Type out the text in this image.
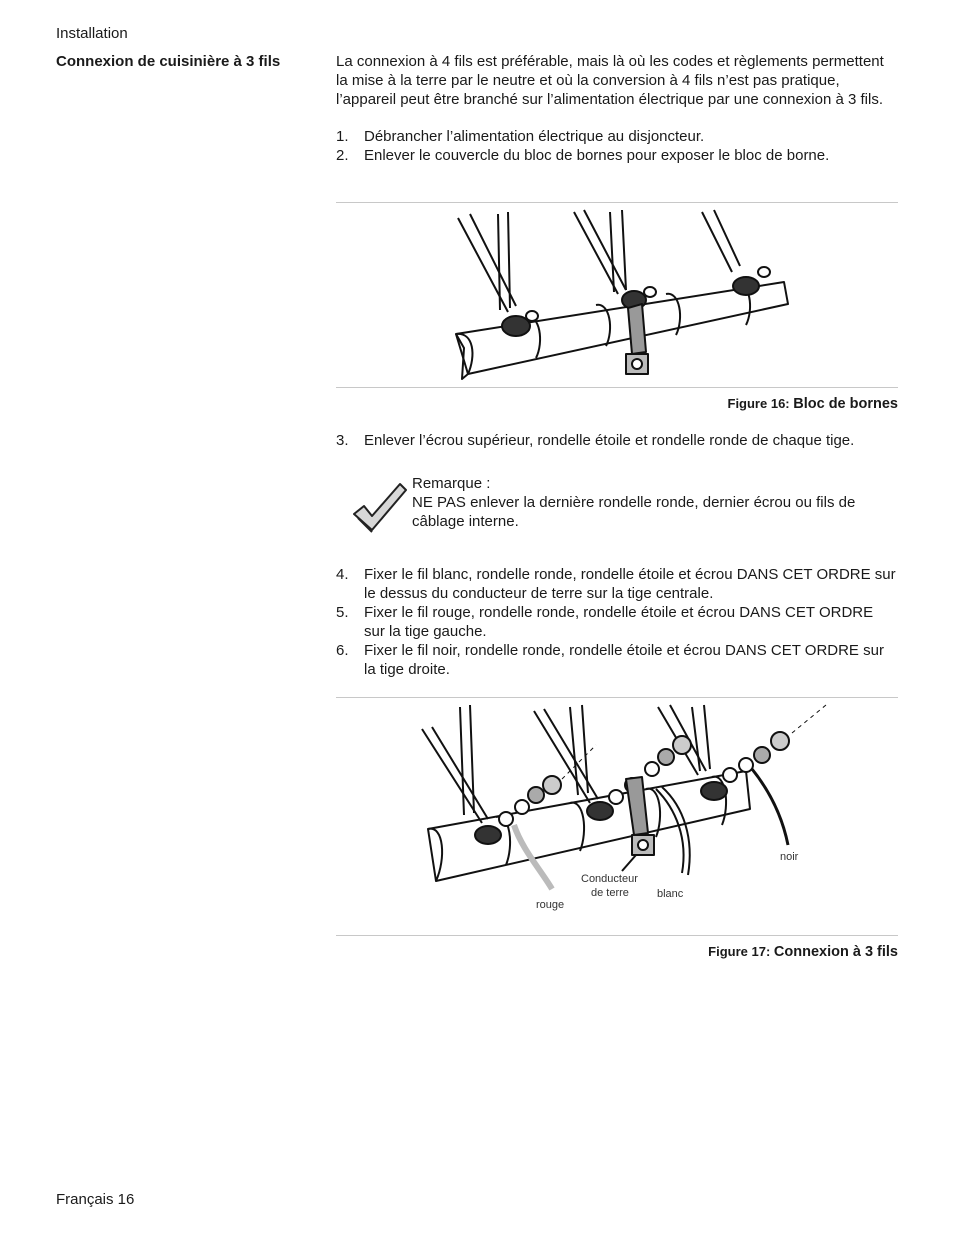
Installation
Connexion de cuisinière à 3 fils	La connexion à 4 fils est préférable, mais là où les codes et règlements permettent la mise à la terre par le neutre et où la conversion à 4 fils n’est pas pratique, l’appareil peut être branché sur l’alimentation électrique par une connexion à 3 fils.

1. Débrancher l’alimentation électrique au disjoncteur.
2. Enlever le couvercle du bloc de bornes pour exposer le bloc de borne.
Figure 16: Bloc de bornes
3. Enlever l’écrou supérieur, rondelle étoile et rondelle ronde de chaque tige.
Remarque :
NE PAS enlever la dernière rondelle ronde, dernier écrou ou fils de câblage interne.
4. Fixer le fil blanc, rondelle ronde, rondelle étoile et écrou DANS CET ORDRE sur le dessus du conducteur de terre sur la tige centrale.
5. Fixer le fil rouge, rondelle ronde, rondelle étoile et écrou DANS CET ORDRE sur la tige gauche.
6. Fixer le fil noir, rondelle ronde, rondelle étoile et écrou DANS CET ORDRE sur la tige droite.
noir
Conducteur
de terre	blanc
rouge
Figure 17: Connexion à 3 fils
Français 16
